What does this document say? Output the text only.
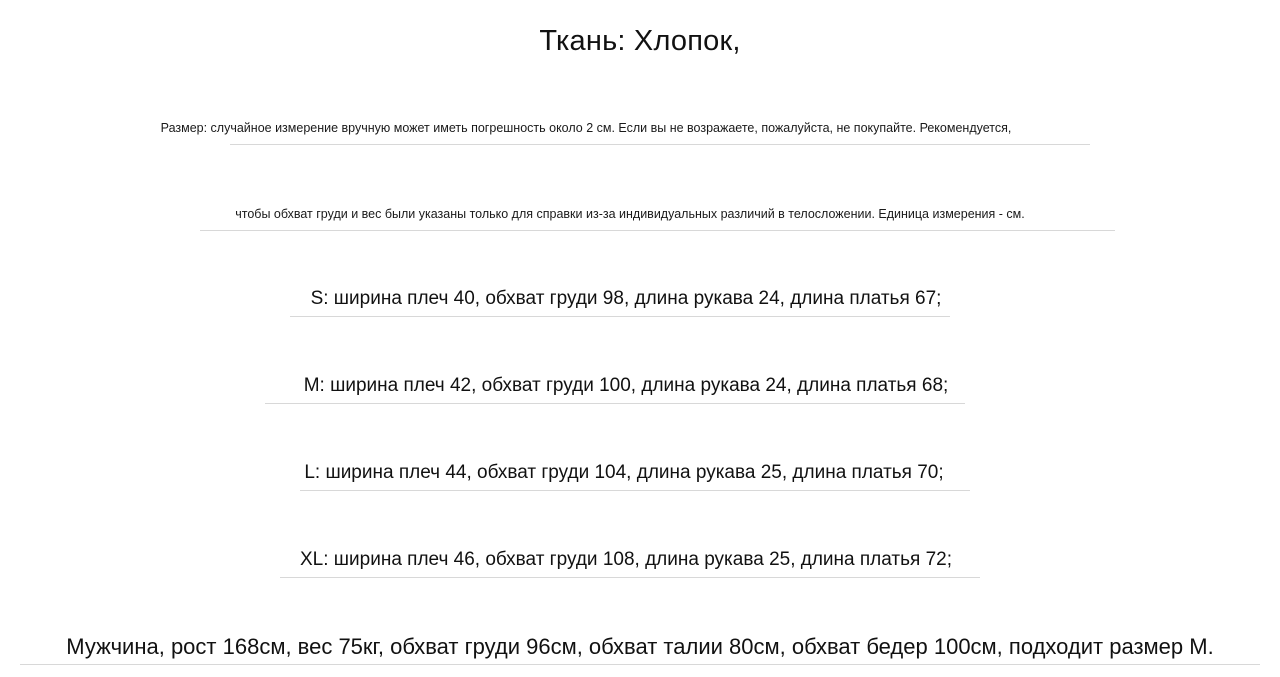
Ткань: Хлопок,
Размер: случайное измерение вручную может иметь погрешность около 2 см. Если вы не возражаете, пожалуйста, не покупайте. Рекомендуется,
чтобы обхват груди и вес были указаны только для справки из-за индивидуальных различий в телосложении. Единица измерения - см.
S: ширина плеч 40, обхват груди 98, длина рукава 24, длина платья 67;
M: ширина плеч 42, обхват груди 100, длина рукава 24, длина платья 68;
L: ширина плеч 44, обхват груди 104, длина рукава 25, длина платья 70;
XL: ширина плеч 46, обхват груди 108, длина рукава 25, длина платья 72;
Мужчина, рост 168см, вес 75кг, обхват груди 96см, обхват талии 80см, обхват бедер 100см, подходит размер M.
